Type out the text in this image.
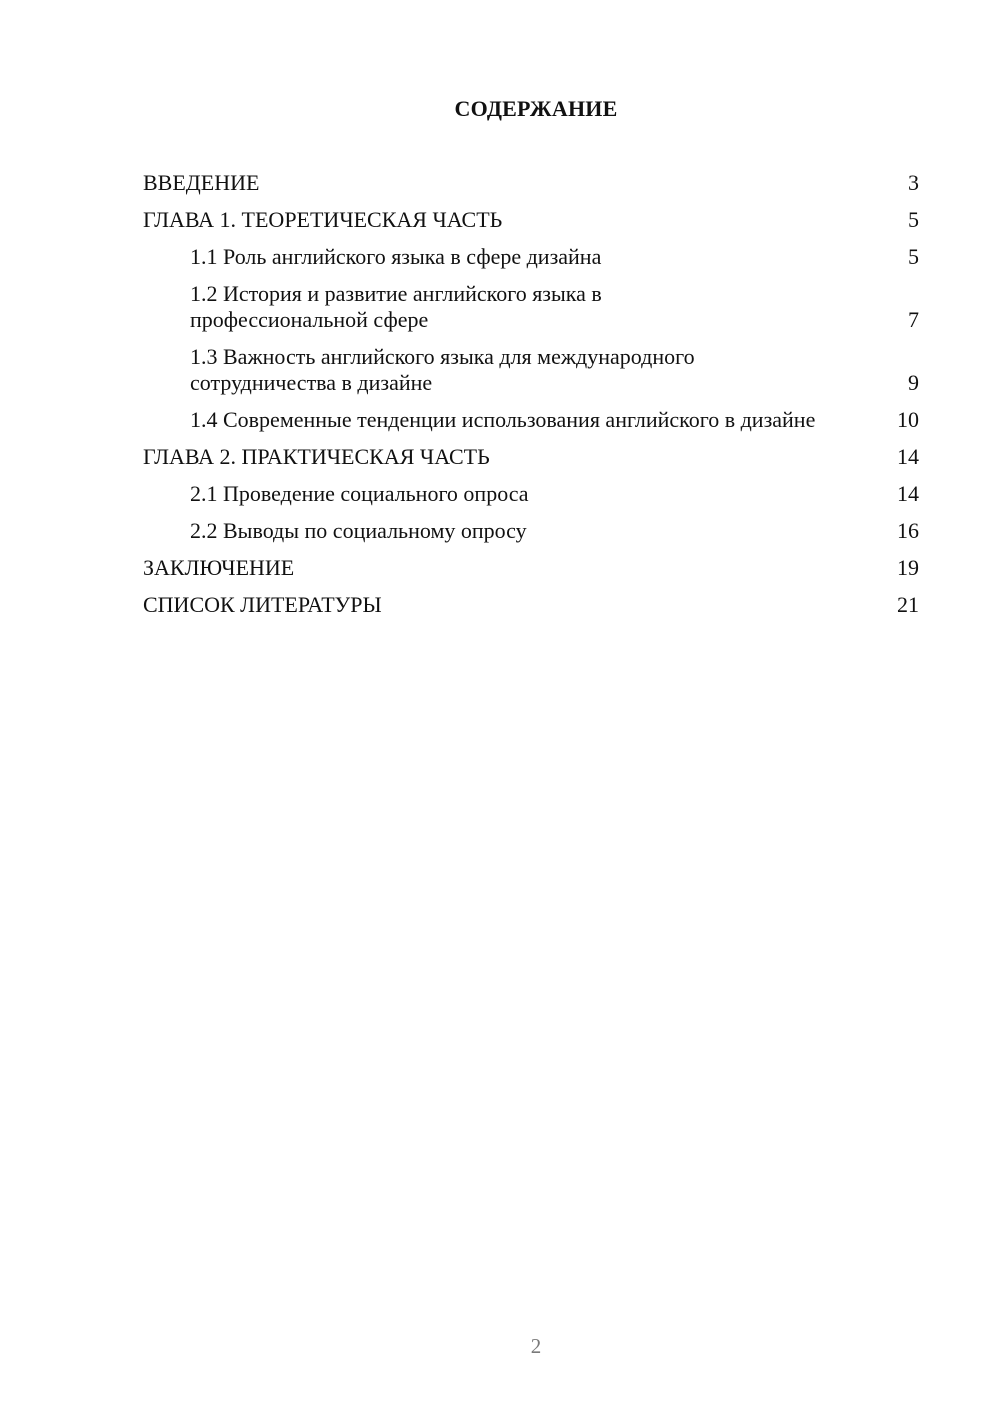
СОДЕРЖАНИЕ
ВВЕДЕНИЕ	3
ГЛАВА 1. ТЕОРЕТИЧЕСКАЯ ЧАСТЬ	5
1.1 Роль английского языка в сфере дизайна	5
1.2 История и развитие английского языка в профессиональной сфере	7
1.3 Важность английского языка для международного сотрудничества в дизайне	9
1.4 Современные тенденции использования английского в дизайне	10
ГЛАВА 2. ПРАКТИЧЕСКАЯ ЧАСТЬ	14
2.1 Проведение социального опроса	14
2.2 Выводы по социальному опросу	16
ЗАКЛЮЧЕНИЕ	19
СПИСОК ЛИТЕРАТУРЫ	21
2
